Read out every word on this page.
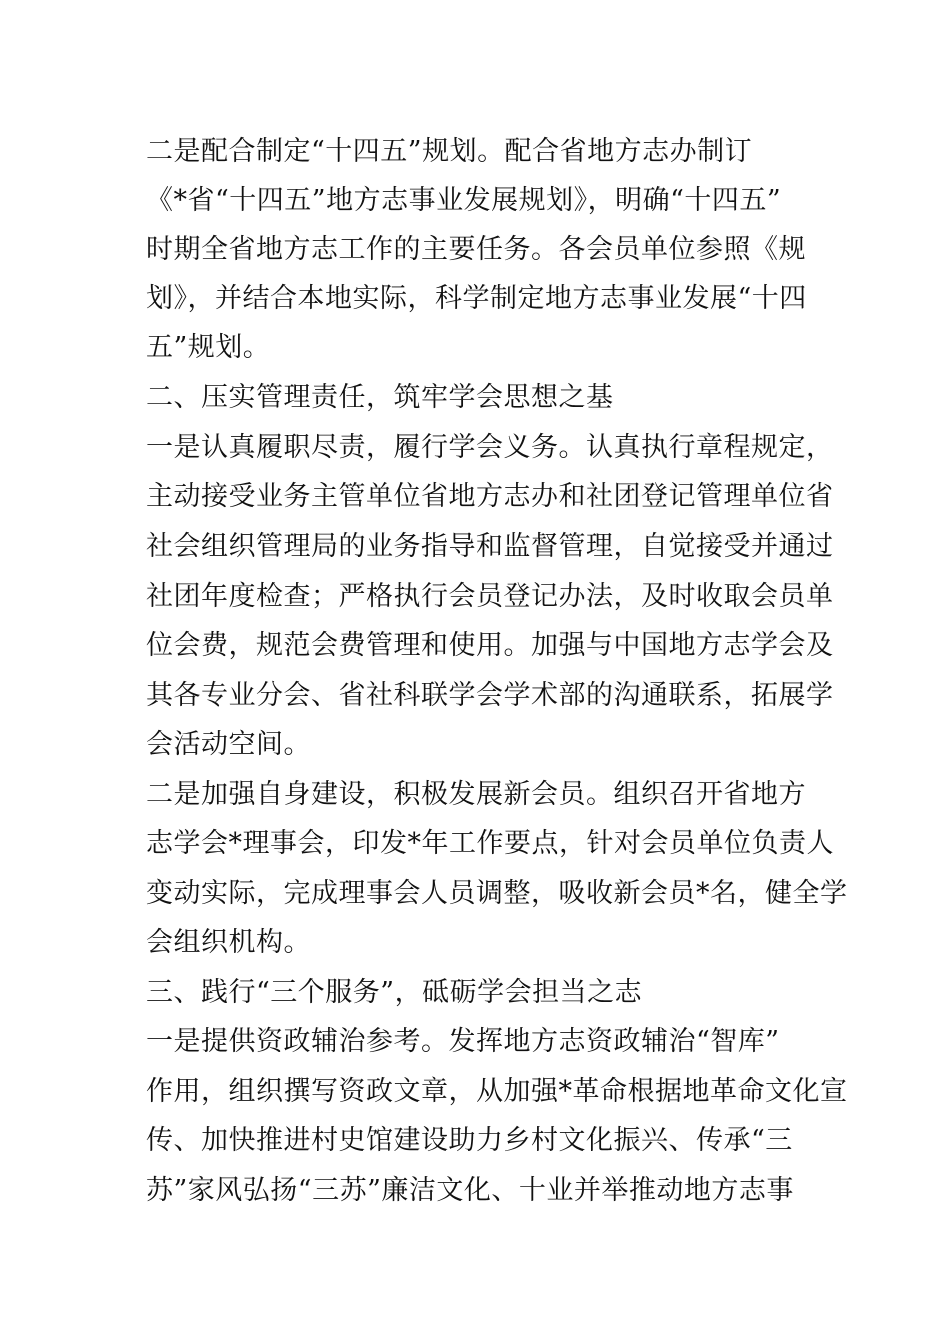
二是配合制定“十四五”规划。配合省地方志办制订
《*省“十四五”地方志事业发展规划》，明确“十四五”
时期全省地方志工作的主要任务。各会员单位参照《规
划》，并结合本地实际，科学制定地方志事业发展“十四
五”规划。
二、压实管理责任，筑牢学会思想之基
一是认真履职尽责，履行学会义务。认真执行章程规定，
主动接受业务主管单位省地方志办和社团登记管理单位省
社会组织管理局的业务指导和监督管理，自觉接受并通过
社团年度检查；严格执行会员登记办法，及时收取会员单
位会费，规范会费管理和使用。加强与中国地方志学会及
其各专业分会、省社科联学会学术部的沟通联系，拓展学
会活动空间。
二是加强自身建设，积极发展新会员。组织召开省地方
志学会*理事会，印发*年工作要点，针对会员单位负责人
变动实际，完成理事会人员调整，吸收新会员*名，健全学
会组织机构。
三、践行“三个服务”，砥砺学会担当之志
一是提供资政辅治参考。发挥地方志资政辅治“智库”
作用，组织撰写资政文章，从加强*革命根据地革命文化宣
传、加快推进村史馆建设助力乡村文化振兴、传承“三
苏”家风弘扬“三苏”廉洁文化、十业并举推动地方志事
